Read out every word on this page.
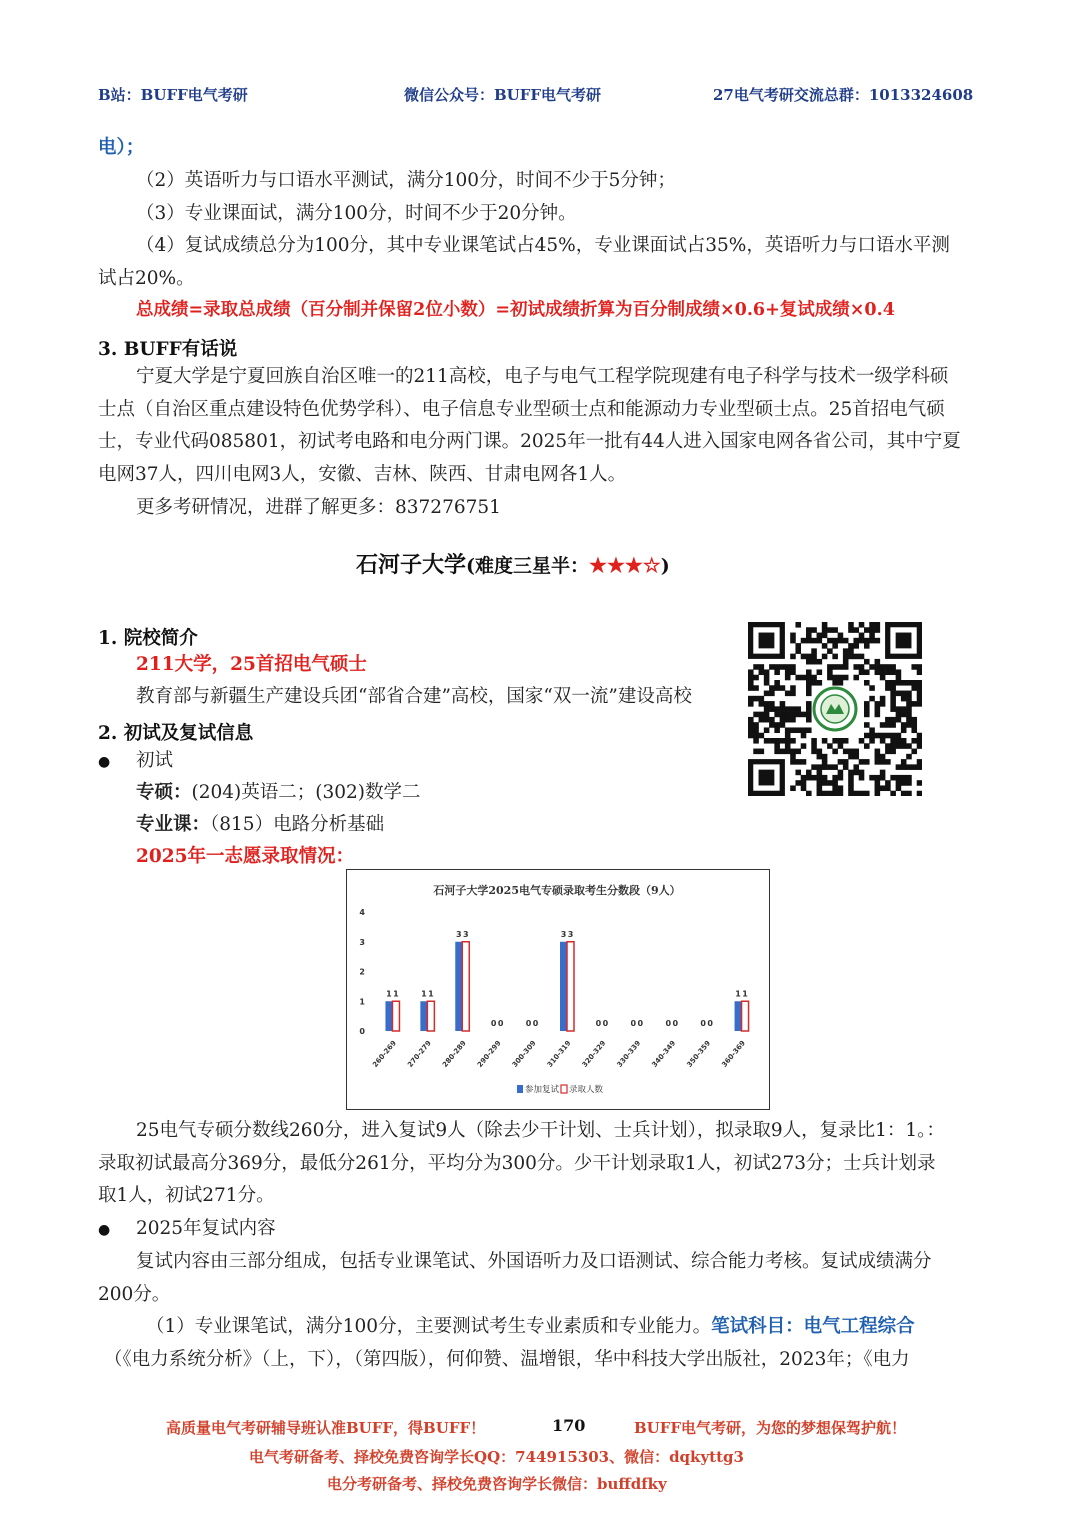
B站：BUFF电气考研	微信公众号：BUFF电气考研	27电气考研交流总群：1013324608
电）；
（2）英语听力与口语水平测试，满分100分，时间不少于5分钟；
（3）专业课面试，满分100分，时间不少于20分钟。
（4）复试成绩总分为100分，其中专业课笔试占45%，专业课面试占35%，英语听力与口语水平测
试占20%。
总成绩=录取总成绩（百分制并保留2位小数）=初试成绩折算为百分制成绩×0.6+复试成绩×0.4
3. BUFF有话说
宁夏大学是宁夏回族自治区唯一的211高校，电子与电气工程学院现建有电子科学与技术一级学科硕
士点（自治区重点建设特色优势学科）、电子信息专业型硕士点和能源动力专业型硕士点。25首招电气硕
士，专业代码085801，初试考电路和电分两门课。2025年一批有44人进入国家电网各省公司，其中宁夏
电网37人，四川电网3人，安徽、吉林、陕西、甘肃电网各1人。
更多考研情况，进群了解更多：837276751
石河子大学(难度三星半：★★★☆)
1. 院校简介
211大学，25首招电气硕士
教育部与新疆生产建设兵团“部省合建”高校，国家“双一流”建设高校
2. 初试及复试信息
● 初试
专硕：(204)英语二；(302)数学二
专业课：（815）电路分析基础
2025年一志愿录取情况：
石河子大学2025电气专硕录取考生分数段（9人）
0
1
2
3
4
1 1	1 1
3 3
0 0	0 0
3 3
0 0	0 0	0 0	0 0
1 1
260-269 270-279 280-289 290-299 300-309 310-319 320-329 330-339 340-349 350-359 360-369
参加复试 录取人数
25电气专硕分数线260分，进入复试9人（除去少干计划、士兵计划），拟录取9人，复录比1：1。：
录取初试最高分369分，最低分261分，平均分为300分。少干计划录取1人，初试273分；士兵计划录
取1人，初试271分。
● 2025年复试内容
复试内容由三部分组成，包括专业课笔试、外国语听力及口语测试、综合能力考核。复试成绩满分
200分。
（1）专业课笔试，满分100分，主要测试考生专业素质和专业能力。笔试科目：电气工程综合
（《电力系统分析》（上，下），（第四版），何仰赞、温增银，华中科技大学出版社，2023年；《电力
高质量电气考研辅导班认准BUFF，得BUFF！	170	BUFF电气考研，为您的梦想保驾护航！
电气考研备考、择校免费咨询学长QQ：744915303、微信：dqkyttg3
电分考研备考、择校免费咨询学长微信：buffdfky
